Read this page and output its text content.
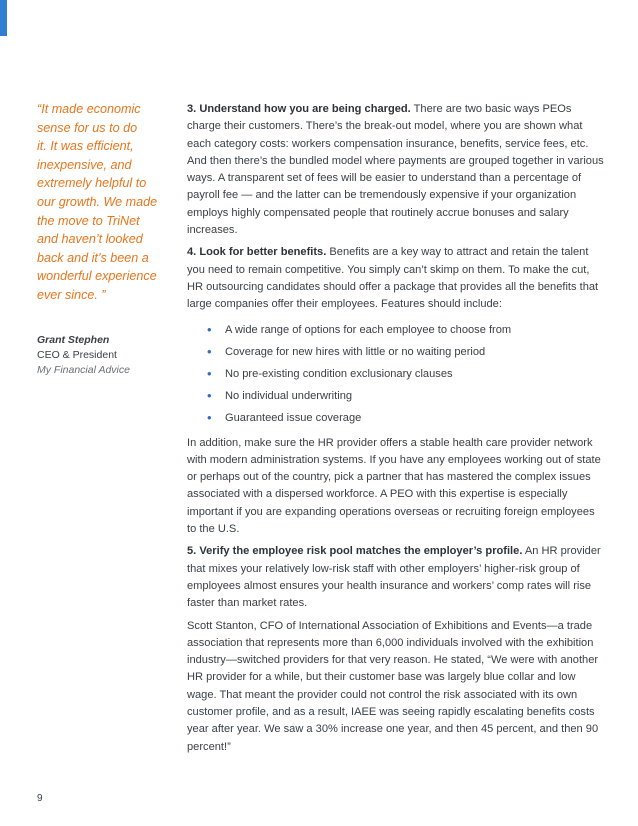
“It made economic
sense for us to do
it. It was efficient,
inexpensive, and
extremely helpful to
our growth. We made
the move to TriNet
and haven’t looked
back and it’s been a
wonderful experience
ever since. ”

Grant Stephen
CEO & President
My Financial Advice

3. Understand how you are being charged. There are two basic ways PEOs charge their customers. There’s the break-out model, where you are shown what each category costs: workers compensation insurance, benefits, service fees, etc. And then there’s the bundled model where payments are grouped together in various ways. A transparent set of fees will be easier to understand than a percentage of payroll fee — and the latter can be tremendously expensive if your organization employs highly compensated people that routinely accrue bonuses and salary increases.

4. Look for better benefits. Benefits are a key way to attract and retain the talent you need to remain competitive. You simply can’t skimp on them. To make the cut, HR outsourcing candidates should offer a package that provides all the benefits that large companies offer their employees. Features should include:

• A wide range of options for each employee to choose from
• Coverage for new hires with little or no waiting period
• No pre-existing condition exclusionary clauses
• No individual underwriting
• Guaranteed issue coverage

In addition, make sure the HR provider offers a stable health care provider network with modern administration systems. If you have any employees working out of state or perhaps out of the country, pick a partner that has mastered the complex issues associated with a dispersed workforce. A PEO with this expertise is especially important if you are expanding operations overseas or recruiting foreign employees to the U.S.

5. Verify the employee risk pool matches the employer’s profile. An HR provider that mixes your relatively low-risk staff with other employers’ higher-risk group of employees almost ensures your health insurance and workers’ comp rates will rise faster than market rates.

Scott Stanton, CFO of International Association of Exhibitions and Events—a trade association that represents more than 6,000 individuals involved with the exhibition industry—switched providers for that very reason. He stated, “We were with another HR provider for a while, but their customer base was largely blue collar and low wage. That meant the provider could not control the risk associated with its own customer profile, and as a result, IAEE was seeing rapidly escalating benefits costs year after year. We saw a 30% increase one year, and then 45 percent, and then 90 percent!”

9
